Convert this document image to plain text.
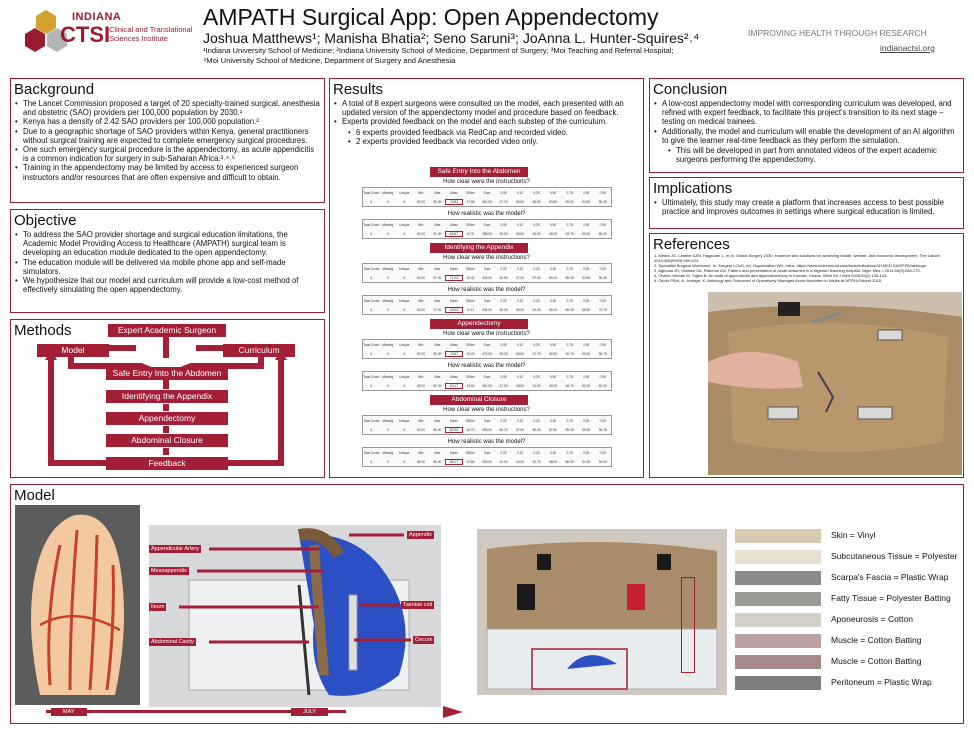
INDIANA
CTSI
Clinical and Translational
Sciences Institute
AMPATH Surgical App: Open Appendectomy
Joshua Matthews¹; Manisha Bhatia²; Seno Saruni³; JoAnna L. Hunter-Squires²˒⁴
¹Indiana University School of Medicine; ²Indiana University School of Medicine, Department of Surgery; ³Moi Teaching and Referral Hospital;
⁴Moi University School of Medicine, Department of Surgery and Anesthesia
IMPROVING HEALTH THROUGH RESEARCH
indianactsi.org
Background
• The Lancet Commission proposed a target of 20 specialty-trained surgical, anesthesia and obstetric (SAO) providers per 100,000 population by 2030.¹
• Kenya has a density of 2.42 SAO providers per 100,000 population.²
• Due to a geographic shortage of SAO providers within Kenya, general practitioners without surgical training are expected to complete emergency surgical procedures.
• One such emergency surgical procedure is the appendectomy, as acute appendicitis is a common indication for surgery in sub-Saharan Africa.³˒⁴˒⁵
• Training in the appendectomy may be limited by access to experienced surgeon instructors and/or resources that are often expensive and difficult to obtain.
Objective
• To address the SAO provider shortage and surgical education limitations, the Academic Model Providing Access to Healthcare (AMPATH) surgical team is developing an education module dedicated to the open appendectomy.
• The education module will be delivered via mobile phone app and self-made simulators.
• We hypothesize that our model and curriculum will provide a low-cost method of effectively simulating the open appendectomy.
Methods	Expert Academic Surgeon
Model	Curriculum
Safe Entry Into the Abdomen
Identifying the Appendix
Appendectomy
Abdominal Closure
Feedback
Results
• A total of 8 expert surgeons were consulted on the model, each presented with an updated version of the appendectomy model and procedure based on feedback.
• Experts provided feedback on the model and each substep of the curriculum.
• 6 experts provided feedback via RedCap and recorded video.
• 2 experts provided feedback via recorded video only.
Safe Entry Into the Abdomen
How clear were the instructions?
Total Count Missing	Unique	Min	Max	Mean	StDev	Sum	0.05	0.10	0.25	0.50	0.75	0.90	0.95
6	0	5	33.00	98.00	76.83	27.58	461.00	37.75	50.50	66.50	83.50	89.00	94.50	96.25
How realistic was the model?
Total Count Missing	Unique	Min	Max	Mean	StDev	Sum	0.05	0.10	0.25	0.50	0.75	0.90	0.95
6	0	6	30.00	91.00	65.67	8.75	288.00	30.00	36.50	46.00	48.00	49.75	55.00	65.00
Identifying the Appendix
How clear were the instructions?
Total Count Missing	Unique	Min	Max	Mean	StDev	Sum	0.05	0.10	0.25	0.50	0.75	0.90	0.95
6	0	6	24.00	97.00	71.00	26.00	426.00	30.50	37.00	57.50	80.00	85.00	93.50	95.25
How realistic was the model?
Total Count Missing	Unique	Min	Max	Mean	StDev	Sum	0.05	0.10	0.25	0.50	0.75	0.90	0.95
6	0	6	33.00	72.00	49.00	11.12	294.00	35.25	35.00	51.25	50.00	65.00	68.50	70.75
Appendectomy
How clear were the instructions?
Total Count Missing	Unique	Min	Max	Mean	StDev	Sum	0.05	0.10	0.25	0.50	0.75	0.90	0.95
6	0	6	50.00	98.00	78.67	15.23	472.00	53.25	56.50	67.75	80.50	90.75	95.00	96.75
How realistic was the model?
Total Count Missing	Unique	Min	Max	Mean	StDev	Sum	0.05	0.10	0.25	0.50	0.75	0.90	0.95
6	0	6	48.00	82.00	60.17	13.60	361.00	47.00	48.00	51.00	60.00	66.75	82.00	82.00
Abdominal Closure
How clear were the instructions?
Total Count Missing	Unique	Min	Max	Mean	StDev	Sum	0.05	0.10	0.25	0.50	0.75	0.90	0.95
6	0	6	30.00	98.00	82.50	15.70	495.00	58.75	67.50	80.25	87.50	95.00	95.50	96.75
How realistic was the model?
Total Count Missing	Unique	Min	Max	Mean	StDev	Sum	0.05	0.10	0.25	0.50	0.75	0.90	0.95
6	0	6	38.00	98.00	68.17	22.66	409.00	41.00	44.00	52.75	68.00	86.00	91.00	94.00
Conclusion
• A low-cost appendectomy model with corresponding curriculum was developed, and refined with expert feedback, to facilitate this project's transition to its next stage – testing on medical trainees.
• Additionally, the model and curriculum will enable the development of an AI algorithm to give the learner real-time feedback as they perform the simulation.
• This will be developed in part from annotated videos of the expert academic surgeons performing the appendectomy.
Implications
• Ultimately, this study may create a platform that increases access to best possible practice and improves outcomes in settings where surgical education is limited.
References
1. Meara JG, Leather AJM, Hagander L, et al. Global Surgery 2030: evidence and solutions for achieving health, welfare, and economic development. The Lancet 2015;386(9993):569-624.
2. Specialist Surgical Workforce. In: Surgery LOoG, ed. Organization WH, trans. https://www.indexmundi.com/facts/indicators/SH.MED.SAOP.P5/rankings
3. Agboola JO, Olatoke SA, Rahman GA. Pattern and presentation of acute abdomen in a Nigerian teaching hospital. Niger Med J 2014;55(3):266-270.
4. Ohene-Yeboah M, Togbe B. An audit of appendicitis and appendicectomy in Kumasi, Ghana. West Afr J Med 2006;25(2):138-143.
5. Okoth PBW, A., Imbaya, K. Aetiology and Outcomes of Operatively Managed Acute Abdomen in Adults At MTRH-Eldoret 2016.
Model
Appendicular Artery
Mesoappendix
Ileum
Abdominal Cavity
Appendix
Taeniae coli
Cecum
MAY	JULY
Skin = Vinyl
Subcutaneous Tissue = Polyester
Scarpa's Fascia = Plastic Wrap
Fatty Tissue = Polyester Batting
Aponeurosis = Cotton
Muscle = Cotton Batting
Muscle = Cotton Batting
Peritoneum = Plastic Wrap
